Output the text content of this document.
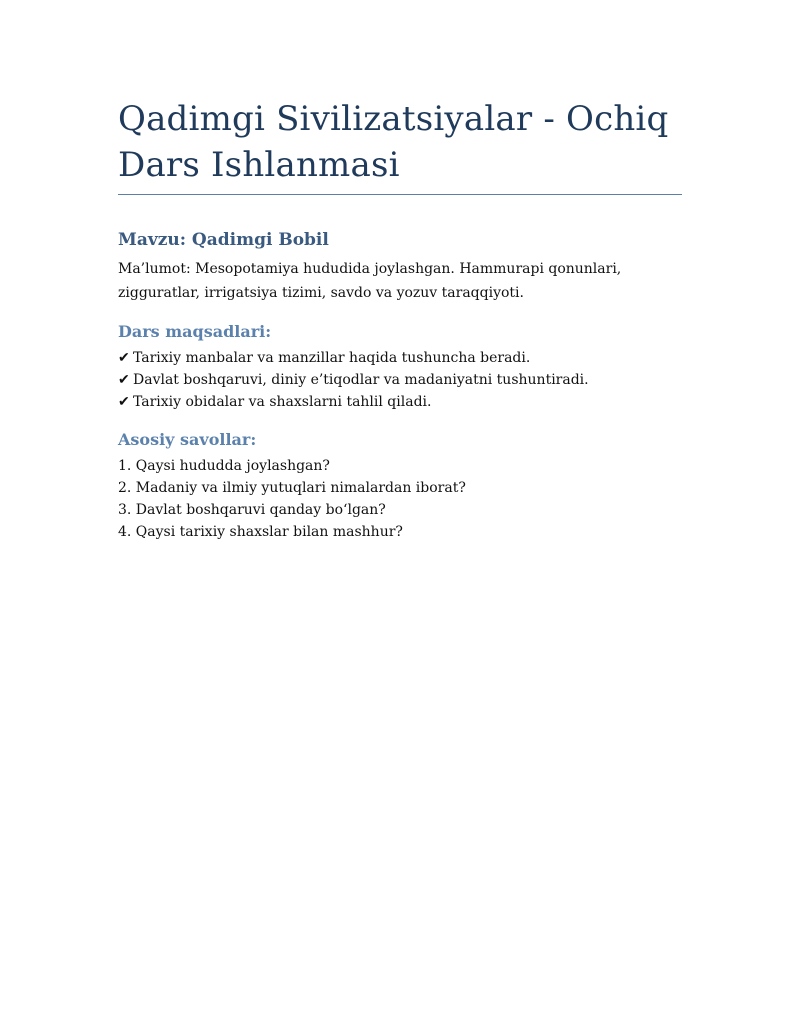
Qadimgi Sivilizatsiyalar - Ochiq Dars Ishlanmasi
Mavzu: Qadimgi Bobil

Ma’lumot: Mesopotamiya hududida joylashgan. Hammurapi qonunlari, zigguratlar, irrigatsiya tizimi, savdo va yozuv taraqqiyoti.

Dars maqsadlari:
✔ Tarixiy manbalar va manzillar haqida tushuncha beradi.
✔ Davlat boshqaruvi, diniy e’tiqodlar va madaniyatni tushuntiradi.
✔ Tarixiy obidalar va shaxslarni tahlil qiladi.
Asosiy savollar:
1. Qaysi hududda joylashgan?
2. Madaniy va ilmiy yutuqlari nimalardan iborat?
3. Davlat boshqaruvi qanday bo‘lgan?
4. Qaysi tarixiy shaxslar bilan mashhur?
